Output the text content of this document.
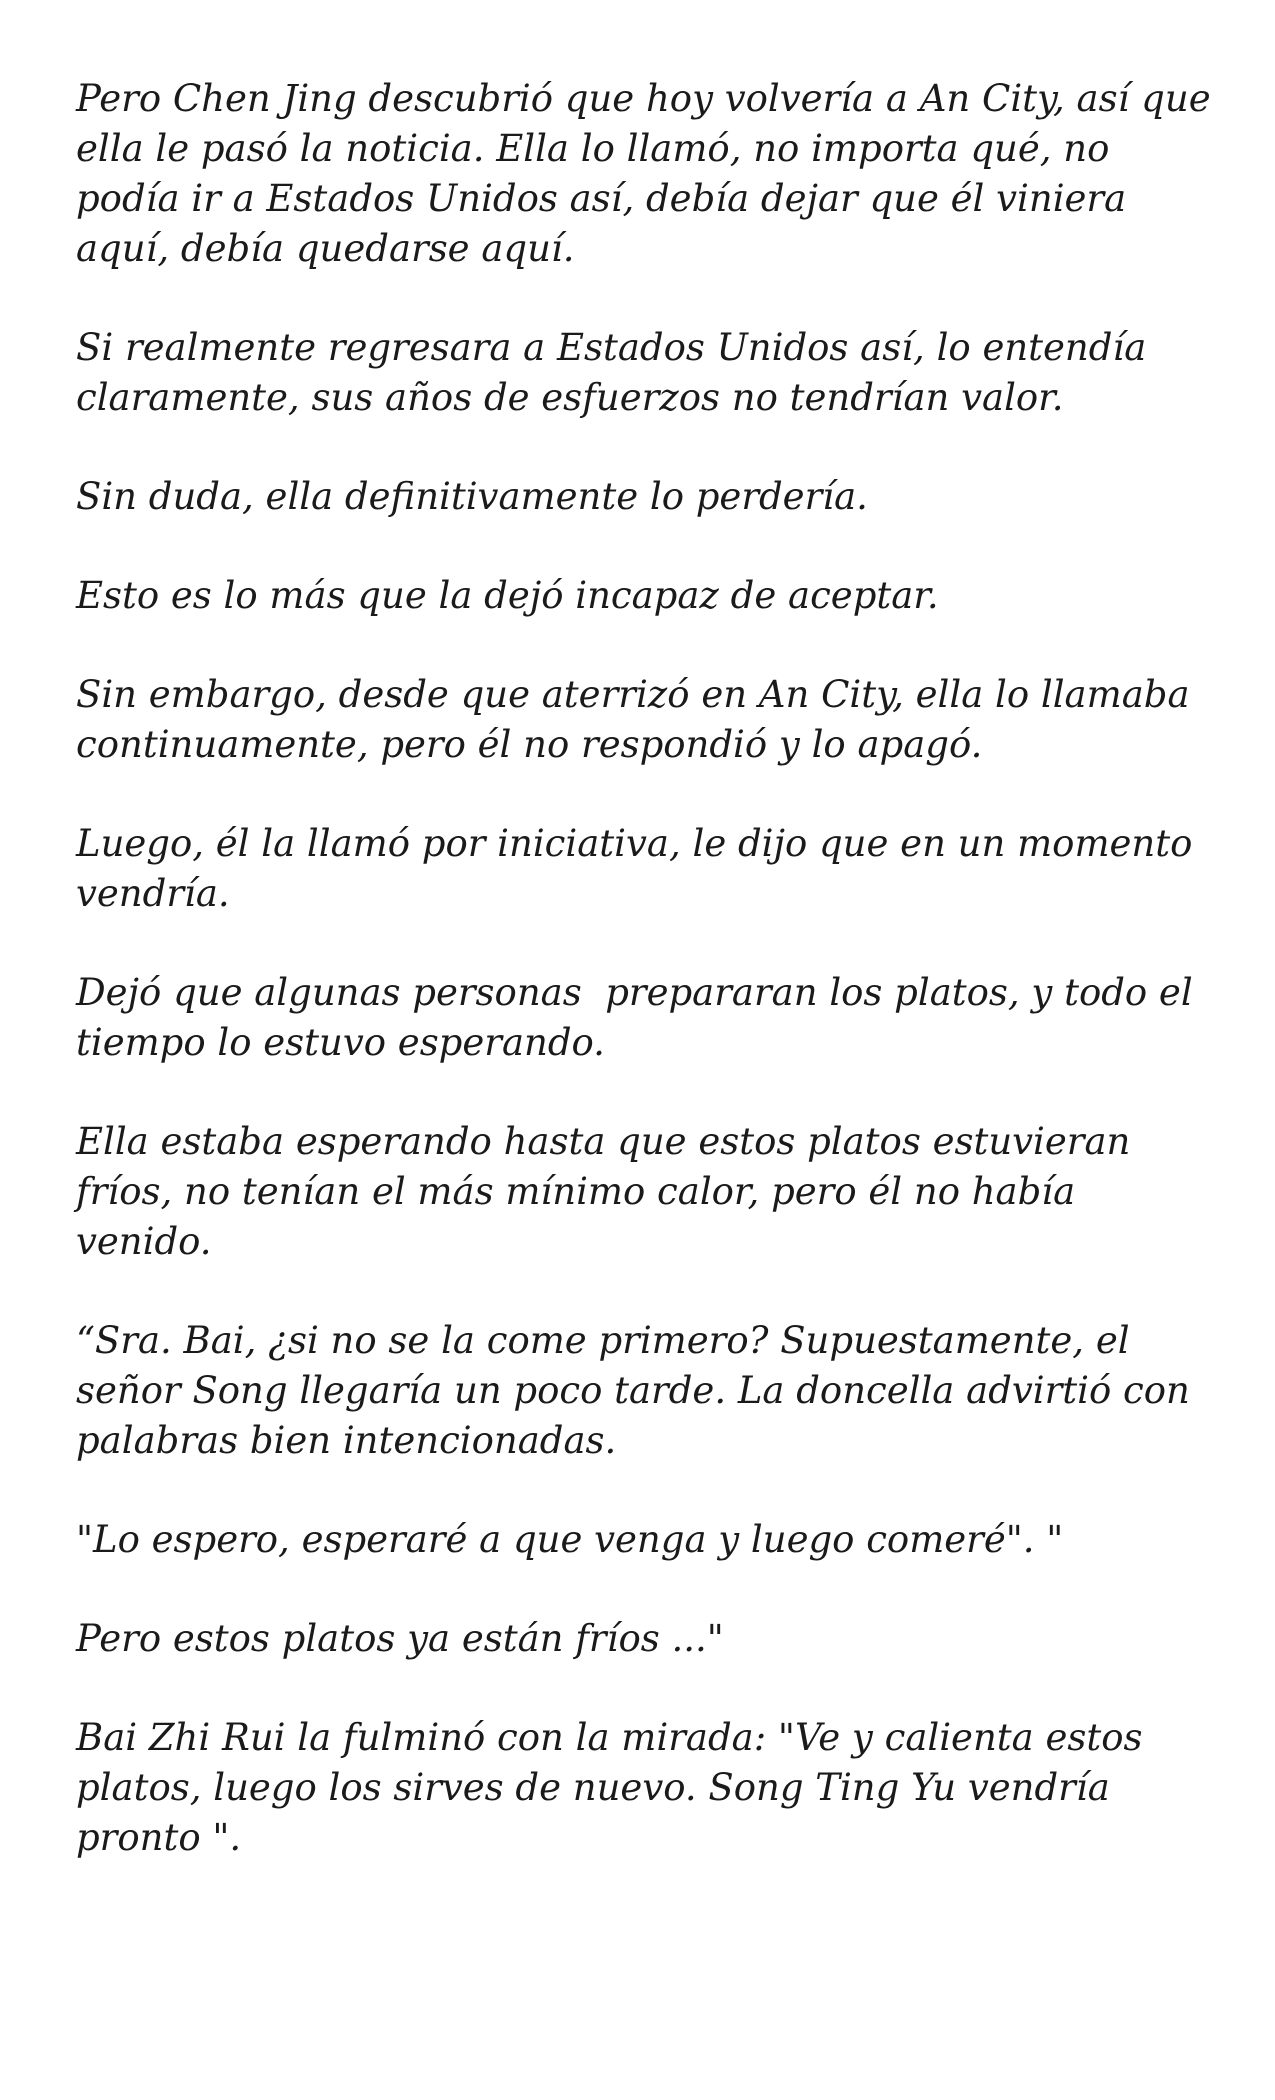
Pero Chen Jing descubrió que hoy volvería a An City, así que ella le pasó la noticia. Ella lo llamó, no importa qué, no podía ir a Estados Unidos así, debía dejar que él viniera aquí, debía quedarse aquí.

Si realmente regresara a Estados Unidos así, lo entendía claramente, sus años de esfuerzos no tendrían valor.

Sin duda, ella definitivamente lo perdería.

Esto es lo más que la dejó incapaz de aceptar.

Sin embargo, desde que aterrizó en An City, ella lo llamaba continuamente, pero él no respondió y lo apagó.

Luego, él la llamó por iniciativa, le dijo que en un momento vendría.

Dejó que algunas personas  prepararan los platos, y todo el tiempo lo estuvo esperando.

Ella estaba esperando hasta que estos platos estuvieran fríos, no tenían el más mínimo calor, pero él no había venido.

“Sra. Bai, ¿si no se la come primero? Supuestamente, el señor Song llegaría un poco tarde. La doncella advirtió con palabras bien intencionadas.

"Lo espero, esperaré a que venga y luego comeré". "

Pero estos platos ya están fríos ..."

Bai Zhi Rui la fulminó con la mirada: "Ve y calienta estos platos, luego los sirves de nuevo. Song Ting Yu vendría pronto ".
